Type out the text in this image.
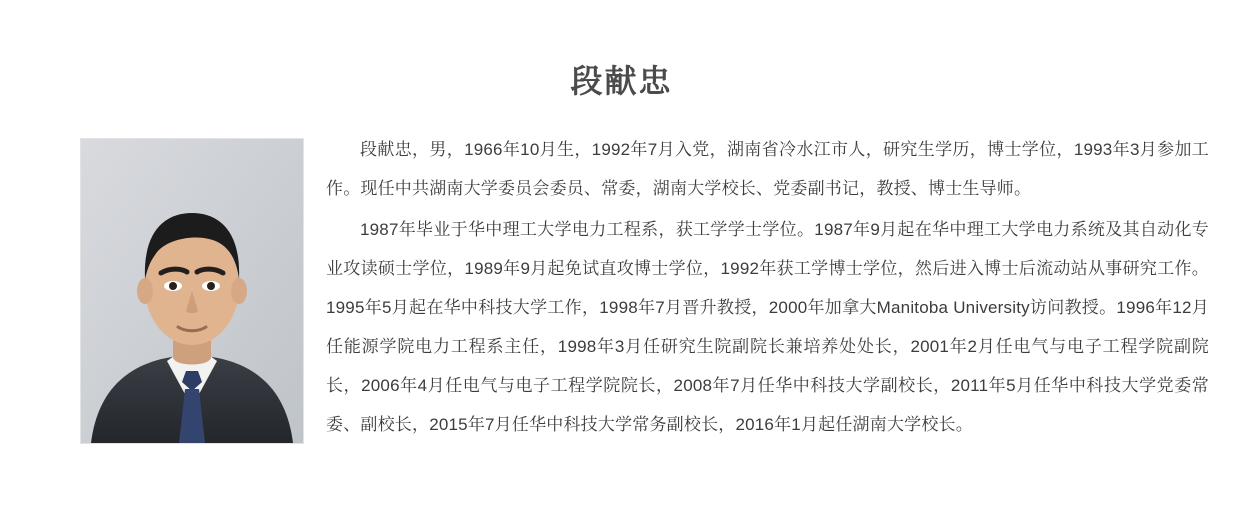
段献忠

段献忠，男，1966年10月生，1992年7月入党，湖南省冷水江市人，研究生学历，博士学位，1993年3月参加工作。现任中共湖南大学委员会委员、常委，湖南大学校长、党委副书记，教授、博士生导师。

1987年毕业于华中理工大学电力工程系，获工学学士学位。1987年9月起在华中理工大学电力系统及其自动化专业攻读硕士学位，1989年9月起免试直攻博士学位，1992年获工学博士学位，然后进入博士后流动站从事研究工作。1995年5月起在华中科技大学工作，1998年7月晋升教授，2000年加拿大Manitoba University访问教授。1996年12月任能源学院电力工程系主任，1998年3月任研究生院副院长兼培养处处长，2001年2月任电气与电子工程学院副院长，2006年4月任电气与电子工程学院院长，2008年7月任华中科技大学副校长，2011年5月任华中科技大学党委常委、副校长，2015年7月任华中科技大学常务副校长，2016年1月起任湖南大学校长。
